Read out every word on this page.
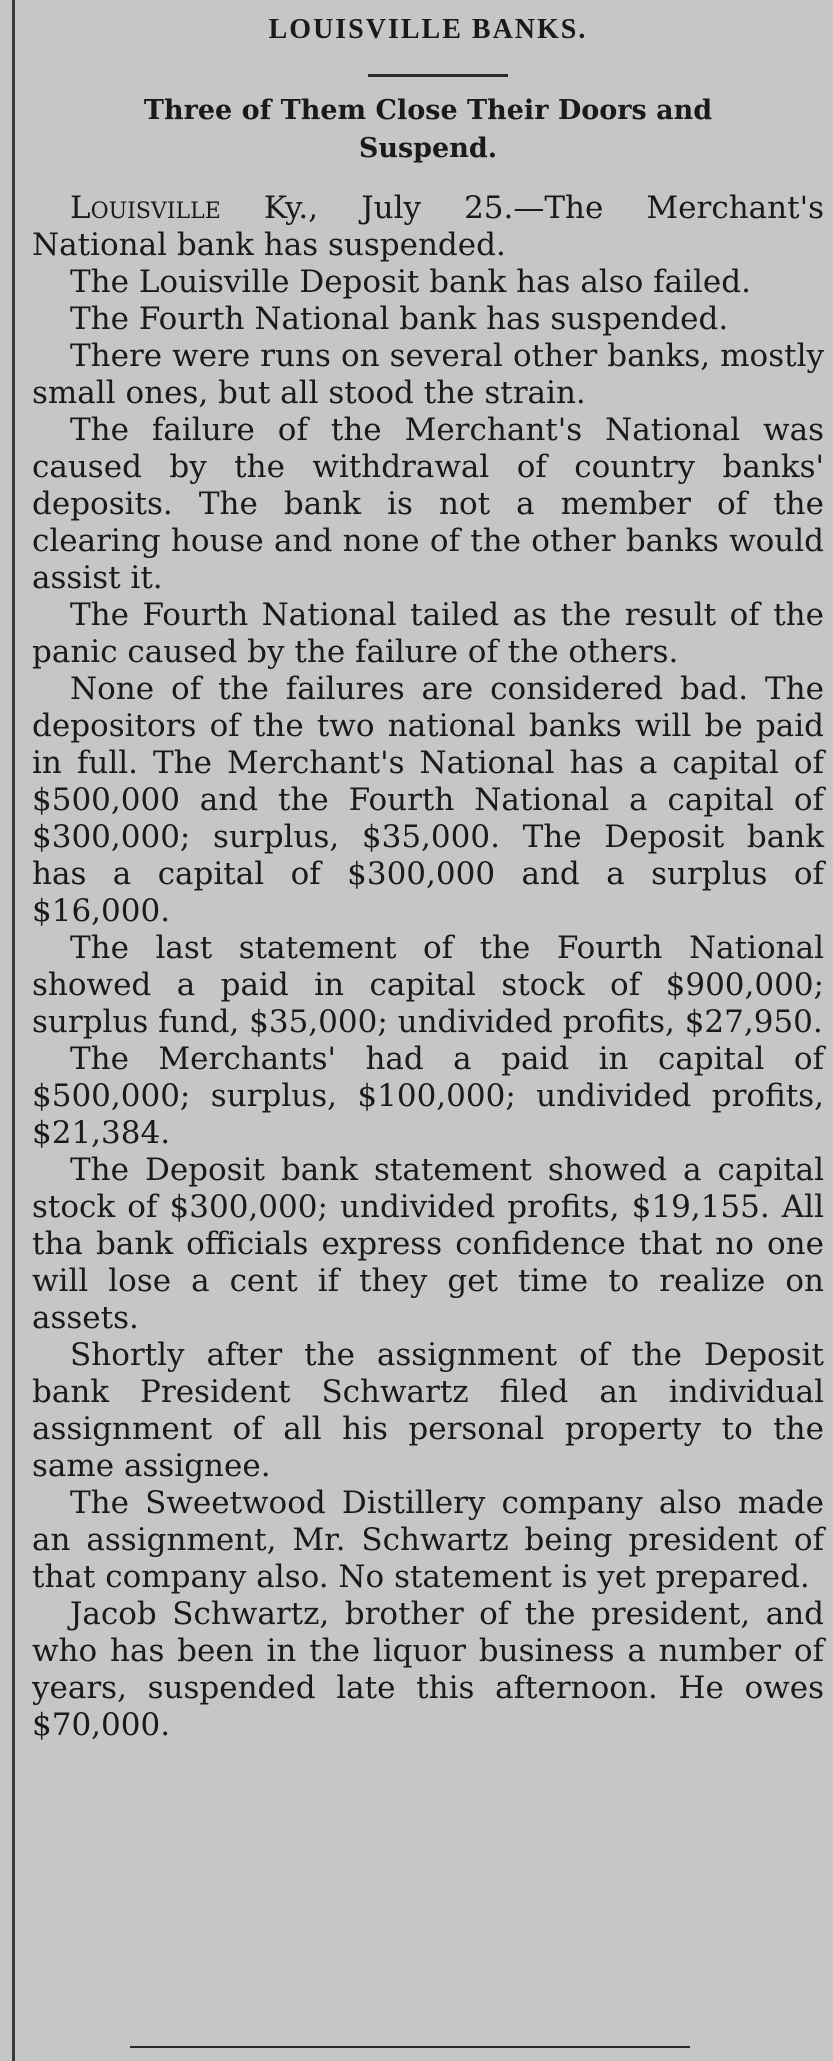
LOUISVILLE BANKS.
Three of Them Close Their Doors and
Suspend.

Louisville Ky., July 25.—The Merchant's National bank has suspended.

The Louisville Deposit bank has also failed.

The Fourth National bank has suspended.

There were runs on several other banks, mostly small ones, but all stood the strain.

The failure of the Merchant's National was caused by the withdrawal of country banks' deposits. The bank is not a member of the clearing house and none of the other banks would assist it.

The Fourth National tailed as the result of the panic caused by the failure of the others.

None of the failures are considered bad. The depositors of the two national banks will be paid in full. The Merchant's National has a capital of $500,000 and the Fourth National a capital of $300,000; surplus, $35,000. The Deposit bank has a capital of $300,000 and a surplus of $16,000.

The last statement of the Fourth National showed a paid in capital stock of $900,000; surplus fund, $35,000; undivided profits, $27,950.

The Merchants' had a paid in capital of $500,000; surplus, $100,000; undivided profits, $21,384.

The Deposit bank statement showed a capital stock of $300,000; undivided profits, $19,155. All tha bank officials express confidence that no one will lose a cent if they get time to realize on assets.

Shortly after the assignment of the Deposit bank President Schwartz filed an individual assignment of all his personal property to the same assignee.

The Sweetwood Distillery company also made an assignment, Mr. Schwartz being president of that company also. No statement is yet prepared.

Jacob Schwartz, brother of the president, and who has been in the liquor business a number of years, suspended late this afternoon. He owes $70,000.
